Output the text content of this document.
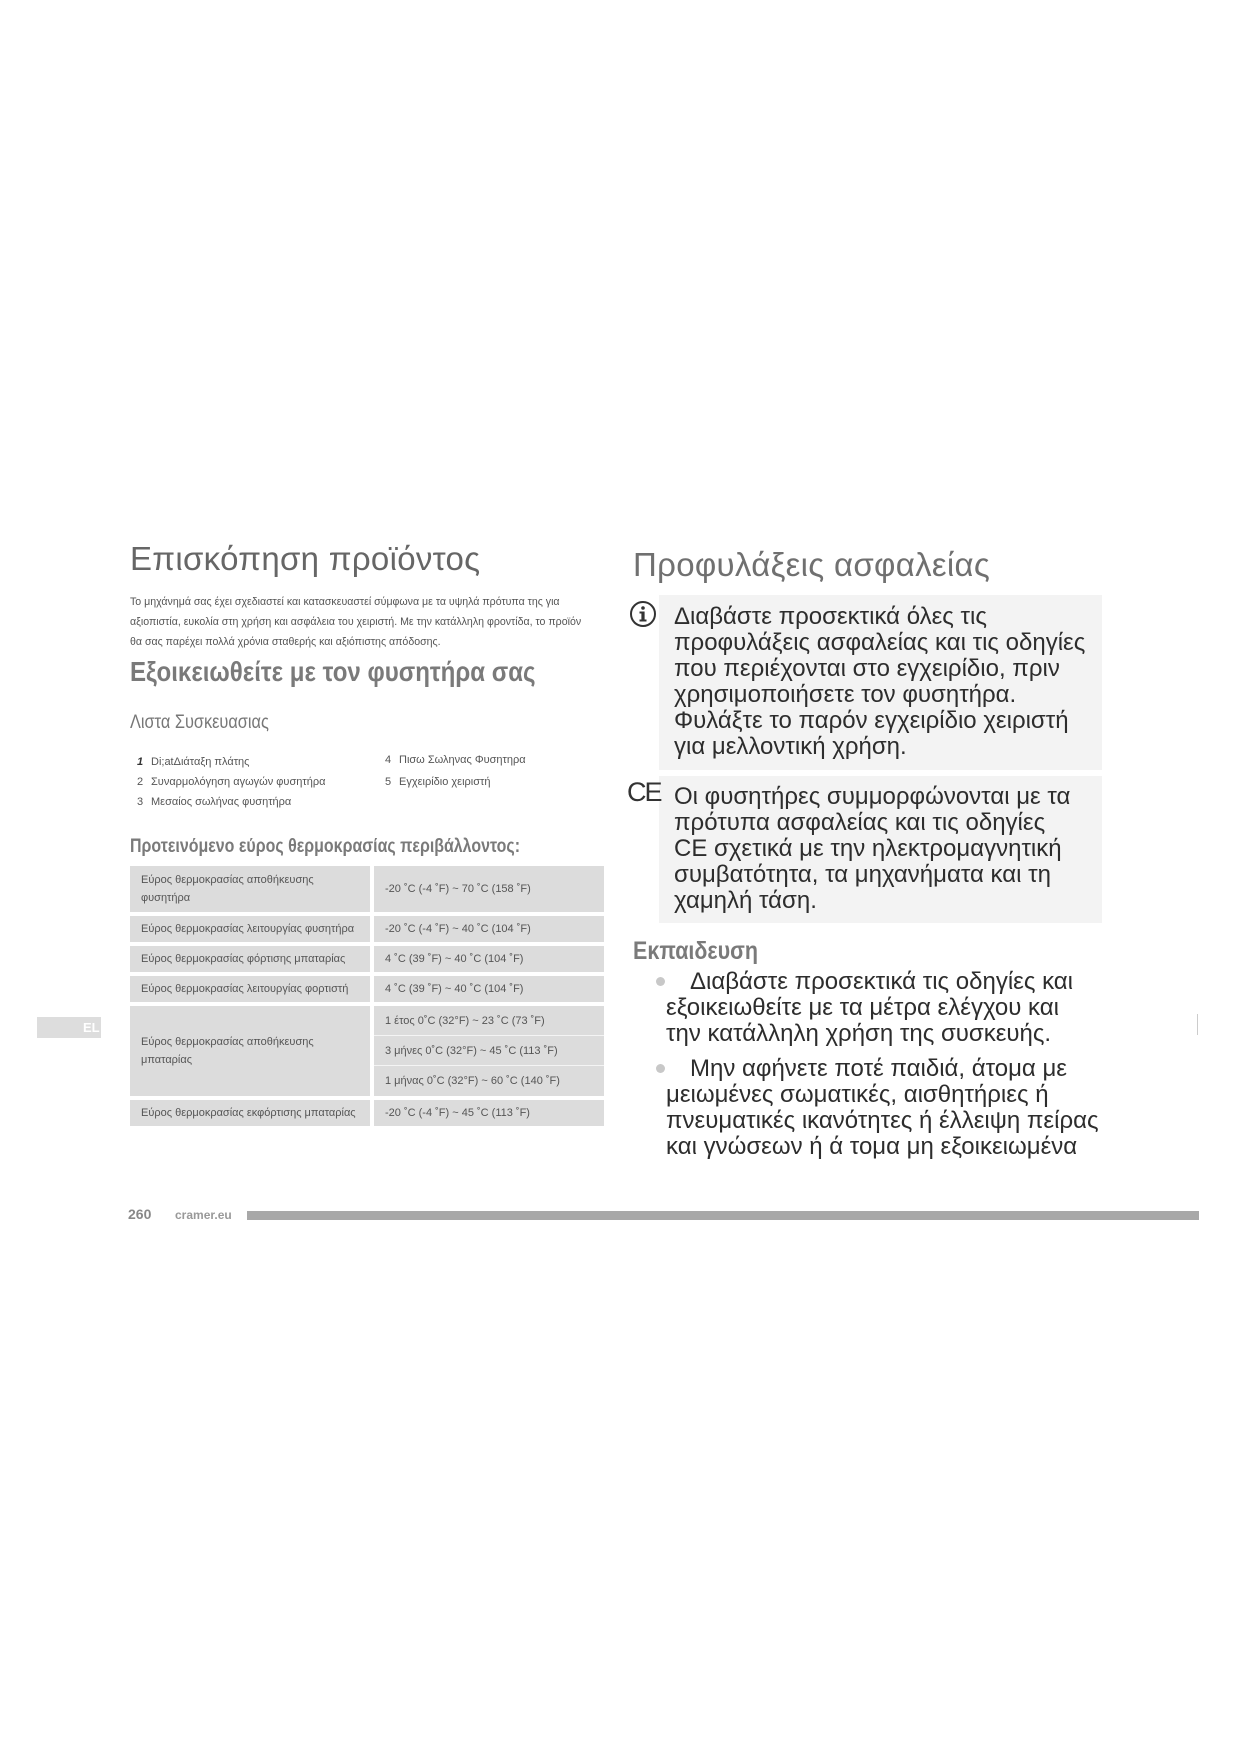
Επισκόπηση προϊόντος
Το μηχάνημά σας έχει σχεδιαστεί και κατασκευαστεί σύμφωνα με τα υψηλά πρότυπα της για
αξιοπιστία, ευκολία στη χρήση και ασφάλεια του χειριστή. Με την κατάλληλη φροντίδα, το προϊόν
θα σας παρέχει πολλά χρόνια σταθερής και αξιόπιστης απόδοσης.
Εξοικειωθείτε με τον φυσητήρα σας
Λιστα Συσκευασιας
1 Di;atΔιάταξη πλάτης
2 Συναρμολόγηση αγωγών φυσητήρα
3 Μεσαίος σωλήνας φυσητήρα
4 Πισω Σωληνας Φυσητηρα
5 Εγχειρίδιο χειριστή
Προτεινόμενο εύρος θερμοκρασίας περιβάλλοντος:
Εύρος θερμοκρασίας αποθήκευσης φυσητήρα
-20 ˚C (-4 ˚F) ~ 70 ˚C (158 ˚F)
Εύρος θερμοκρασίας λειτουργίας φυσητήρα	-20 ˚C (-4 ˚F) ~ 40 ˚C (104 ˚F)
Εύρος θερμοκρασίας φόρτισης μπαταρίας	4 ˚C (39 ˚F) ~ 40 ˚C (104 ˚F)
Εύρος θερμοκρασίας λειτουργίας φορτιστή	4 ˚C (39 ˚F) ~ 40 ˚C (104 ˚F)
Εύρος θερμοκρασίας αποθήκευσης μπαταρίας
1 έτος 0˚C (32°F) ~ 23 ˚C (73 ˚F)
3 μήνες 0˚C (32°F) ~ 45 ˚C (113 ˚F)
1 μήνας 0˚C (32°F) ~ 60 ˚C (140 ˚F)
Εύρος θερμοκρασίας εκφόρτισης μπαταρίας	-20 ˚C (-4 ˚F) ~ 45 ˚C (113 ˚F)
EL
Προφυλάξεις ασφαλείας
Διαβάστε προσεκτικά όλες τις
προφυλάξεις ασφαλείας και τις οδηγίες
που περιέχονται στο εγχειρίδιο, πριν
χρησιμοποιήσετε τον φυσητήρα.
Φυλάξτε το παρόν εγχειρίδιο χειριστή
για μελλοντική χρήση.
CE Οι φυσητήρες συμμορφώνονται με τα
πρότυπα ασφαλείας και τις οδηγίες
CE σχετικά με την ηλεκτρομαγνητική
συμβατότητα, τα μηχανήματα και τη
χαμηλή τάση.
Εκπαιδευση
Διαβάστε προσεκτικά τις οδηγίες και
εξοικειωθείτε με τα μέτρα ελέγχου και
την κατάλληλη χρήση της συσκευής.
Μην αφήνετε ποτέ παιδιά, άτομα με
μειωμένες σωματικές, αισθητήριες ή
πνευματικές ικανότητες ή έλλειψη πείρας
και γνώσεων ή ά τομα μη εξοικειωμένα
260 cramer.eu
